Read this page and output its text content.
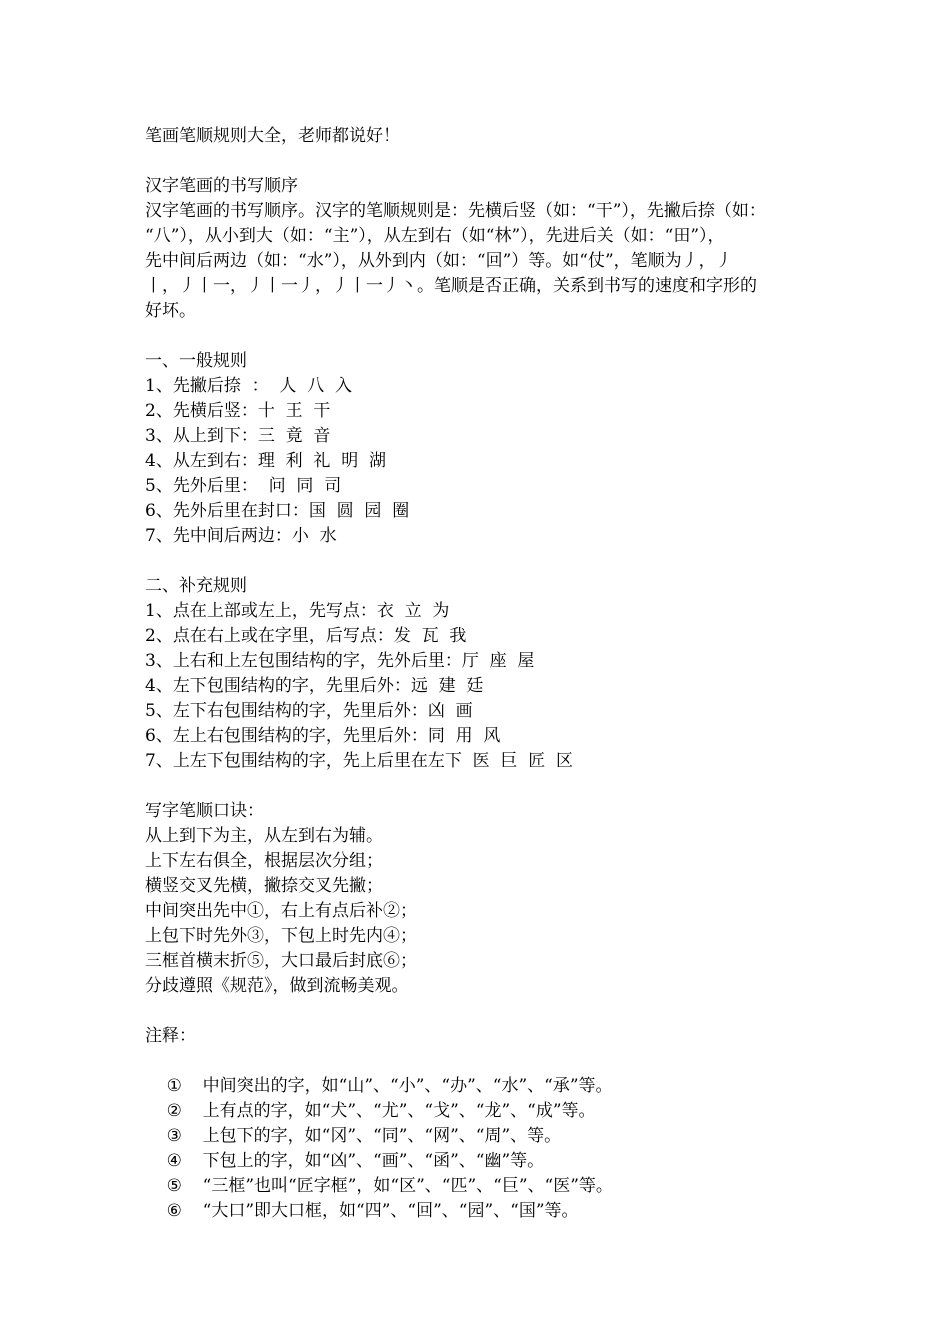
笔画笔顺规则大全，老师都说好！
汉字笔画的书写顺序
汉字笔画的书写顺序。汉字的笔顺规则是：先横后竖（如：“干”），先撇后捺（如：
“八”），从小到大（如：“主”），从左到右（如“林”），先进后关（如：“田”），
先中间后两边（如：“水”），从外到内（如：“回”）等。如“仗”，笔顺为丿，丿
丨，丿丨一，丿丨一丿，丿丨一丿丶。笔顺是否正确，关系到书写的速度和字形的
好坏。
一、一般规则
1、先撇后捺  ：  人  八  入
2、先横后竖：十  王  干
3、从上到下：三  竟  音
4、从左到右：理  利  礼  明  湖
5、先外后里：  问  同  司
6、先外后里在封口：国  圆  园  圈
7、先中间后两边：小  水
二、补充规则
1、点在上部或左上，先写点：衣  立  为
2、点在右上或在字里，后写点：发  瓦  我
3、上右和上左包围结构的字，先外后里：厅  座  屋
4、左下包围结构的字，先里后外：远  建  廷
5、左下右包围结构的字，先里后外：凶  画
6、左上右包围结构的字，先里后外：同  用  风
7、上左下包围结构的字，先上后里在左下  医  巨  匠  区
写字笔顺口诀：
从上到下为主，从左到右为辅。
上下左右俱全，根据层次分组；
横竖交叉先横，撇捺交叉先撇；
中间突出先中①，右上有点后补②；
上包下时先外③，下包上时先内④；
三框首横末折⑤，大口最后封底⑥；
分歧遵照《规范》，做到流畅美观。
注释：

① 中间突出的字，如“山”、“小”、“办”、“水”、“承”等。

② 上有点的字，如“犬”、“尤”、“戈”、“龙”、“成”等。

③ 上包下的字，如“冈”、“同”、“网”、“周”、等。

④ 下包上的字，如“凶”、“画”、“函”、“幽”等。

⑤ “三框”也叫“匠字框”，如“区”、“匹”、“巨”、“医”等。

⑥ “大口”即大口框，如“四”、“回”、“园”、“国”等。
